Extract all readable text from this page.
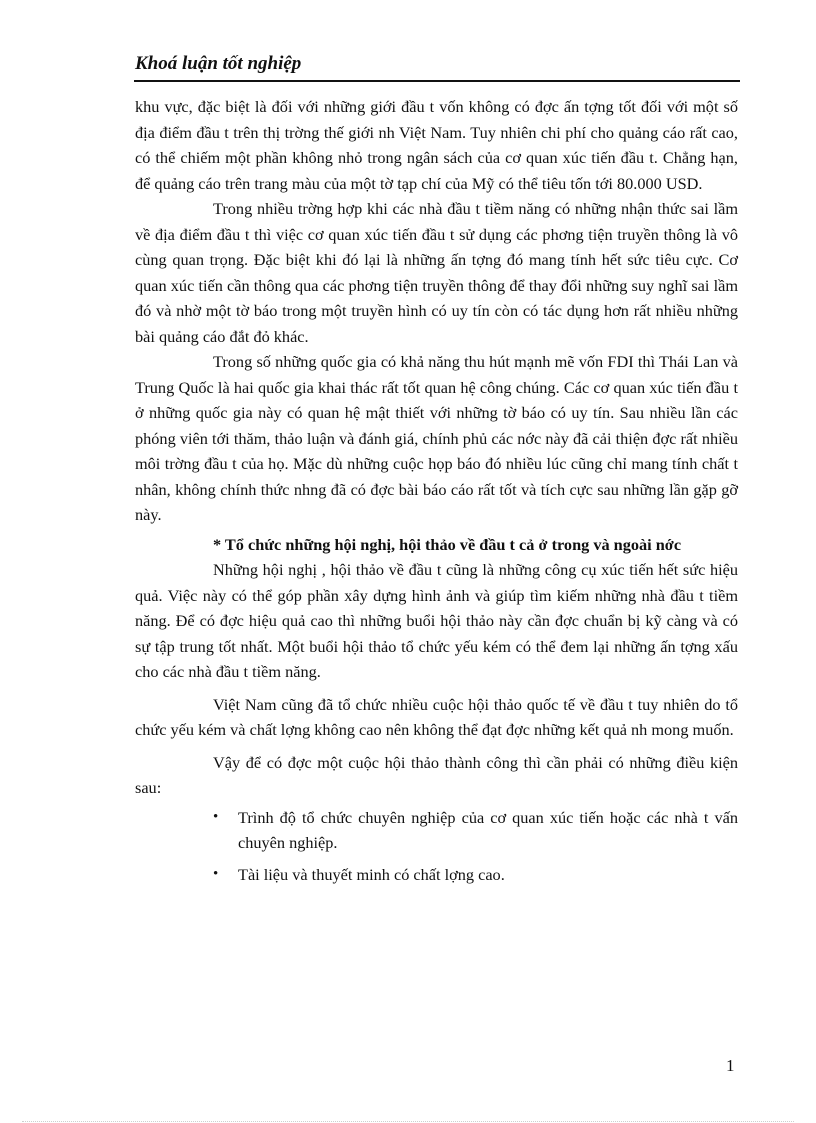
Khoá luận tốt nghiệp

khu vực, đặc biệt là đối với những giới đầu t vốn không có đợc ấn tợng tốt đối với một số địa điểm đầu t trên thị trờng thế giới nh Việt Nam. Tuy nhiên chi phí cho quảng cáo rất cao, có thể chiếm một phần không nhỏ trong ngân sách của cơ quan xúc tiến đầu t. Chẳng hạn, để quảng cáo trên trang màu của một tờ tạp chí của Mỹ có thể tiêu tốn tới 80.000 USD.

Trong nhiều trờng hợp khi các nhà đầu t tiềm năng có những nhận thức sai lầm về địa điểm đầu t thì việc cơ quan xúc tiến đầu t sử dụng các phơng tiện truyền thông là vô cùng quan trọng. Đặc biệt khi đó lại là những ấn tợng đó mang tính hết sức tiêu cực. Cơ quan xúc tiến cần thông qua các phơng tiện truyền thông để thay đổi những suy nghĩ sai lầm đó và nhờ một tờ báo trong một truyền hình có uy tín còn có tác dụng hơn rất nhiều những bài quảng cáo đắt đỏ khác.

Trong số những quốc gia có khả năng thu hút mạnh mẽ vốn FDI thì Thái Lan và Trung Quốc là hai quốc gia khai thác rất tốt quan hệ công chúng. Các cơ quan xúc tiến đầu t ở những quốc gia này có quan hệ mật thiết với những tờ báo có uy tín. Sau nhiều lần các phóng viên tới thăm, thảo luận và đánh giá, chính phủ các nớc này đã cải thiện đợc rất nhiều môi trờng đầu t của họ. Mặc dù những cuộc họp báo đó nhiều lúc cũng chỉ mang tính chất t nhân, không chính thức nhng đã có đợc bài báo cáo rất tốt và tích cực sau những lần gặp gỡ này.

* Tổ chức những hội nghị, hội thảo về đầu t cả ở trong và ngoài nớc

Những hội nghị , hội thảo về đầu t cũng là những công cụ xúc tiến hết sức hiệu quả. Việc này có thể góp phần xây dựng hình ảnh và giúp tìm kiếm những nhà đầu t tiềm năng. Để có đợc hiệu quả cao thì những buổi hội thảo này cần đợc chuẩn bị kỹ càng và có sự tập trung tốt nhất. Một buổi hội thảo tổ chức yếu kém có thể đem lại những ấn tợng xấu cho các nhà đầu t tiềm năng.

Việt Nam cũng đã tổ chức nhiều cuộc hội thảo quốc tế về đầu t tuy nhiên do tổ chức yếu kém và chất lợng không cao nên không thể đạt đợc những kết quả nh mong muốn.

Vậy để có đợc một cuộc hội thảo thành công thì cần phải có những điều kiện sau:

• Trình độ tổ chức chuyên nghiệp của cơ quan xúc tiến hoặc các nhà t vấn chuyên nghiệp.
• Tài liệu và thuyết minh có chất lợng cao.
1
